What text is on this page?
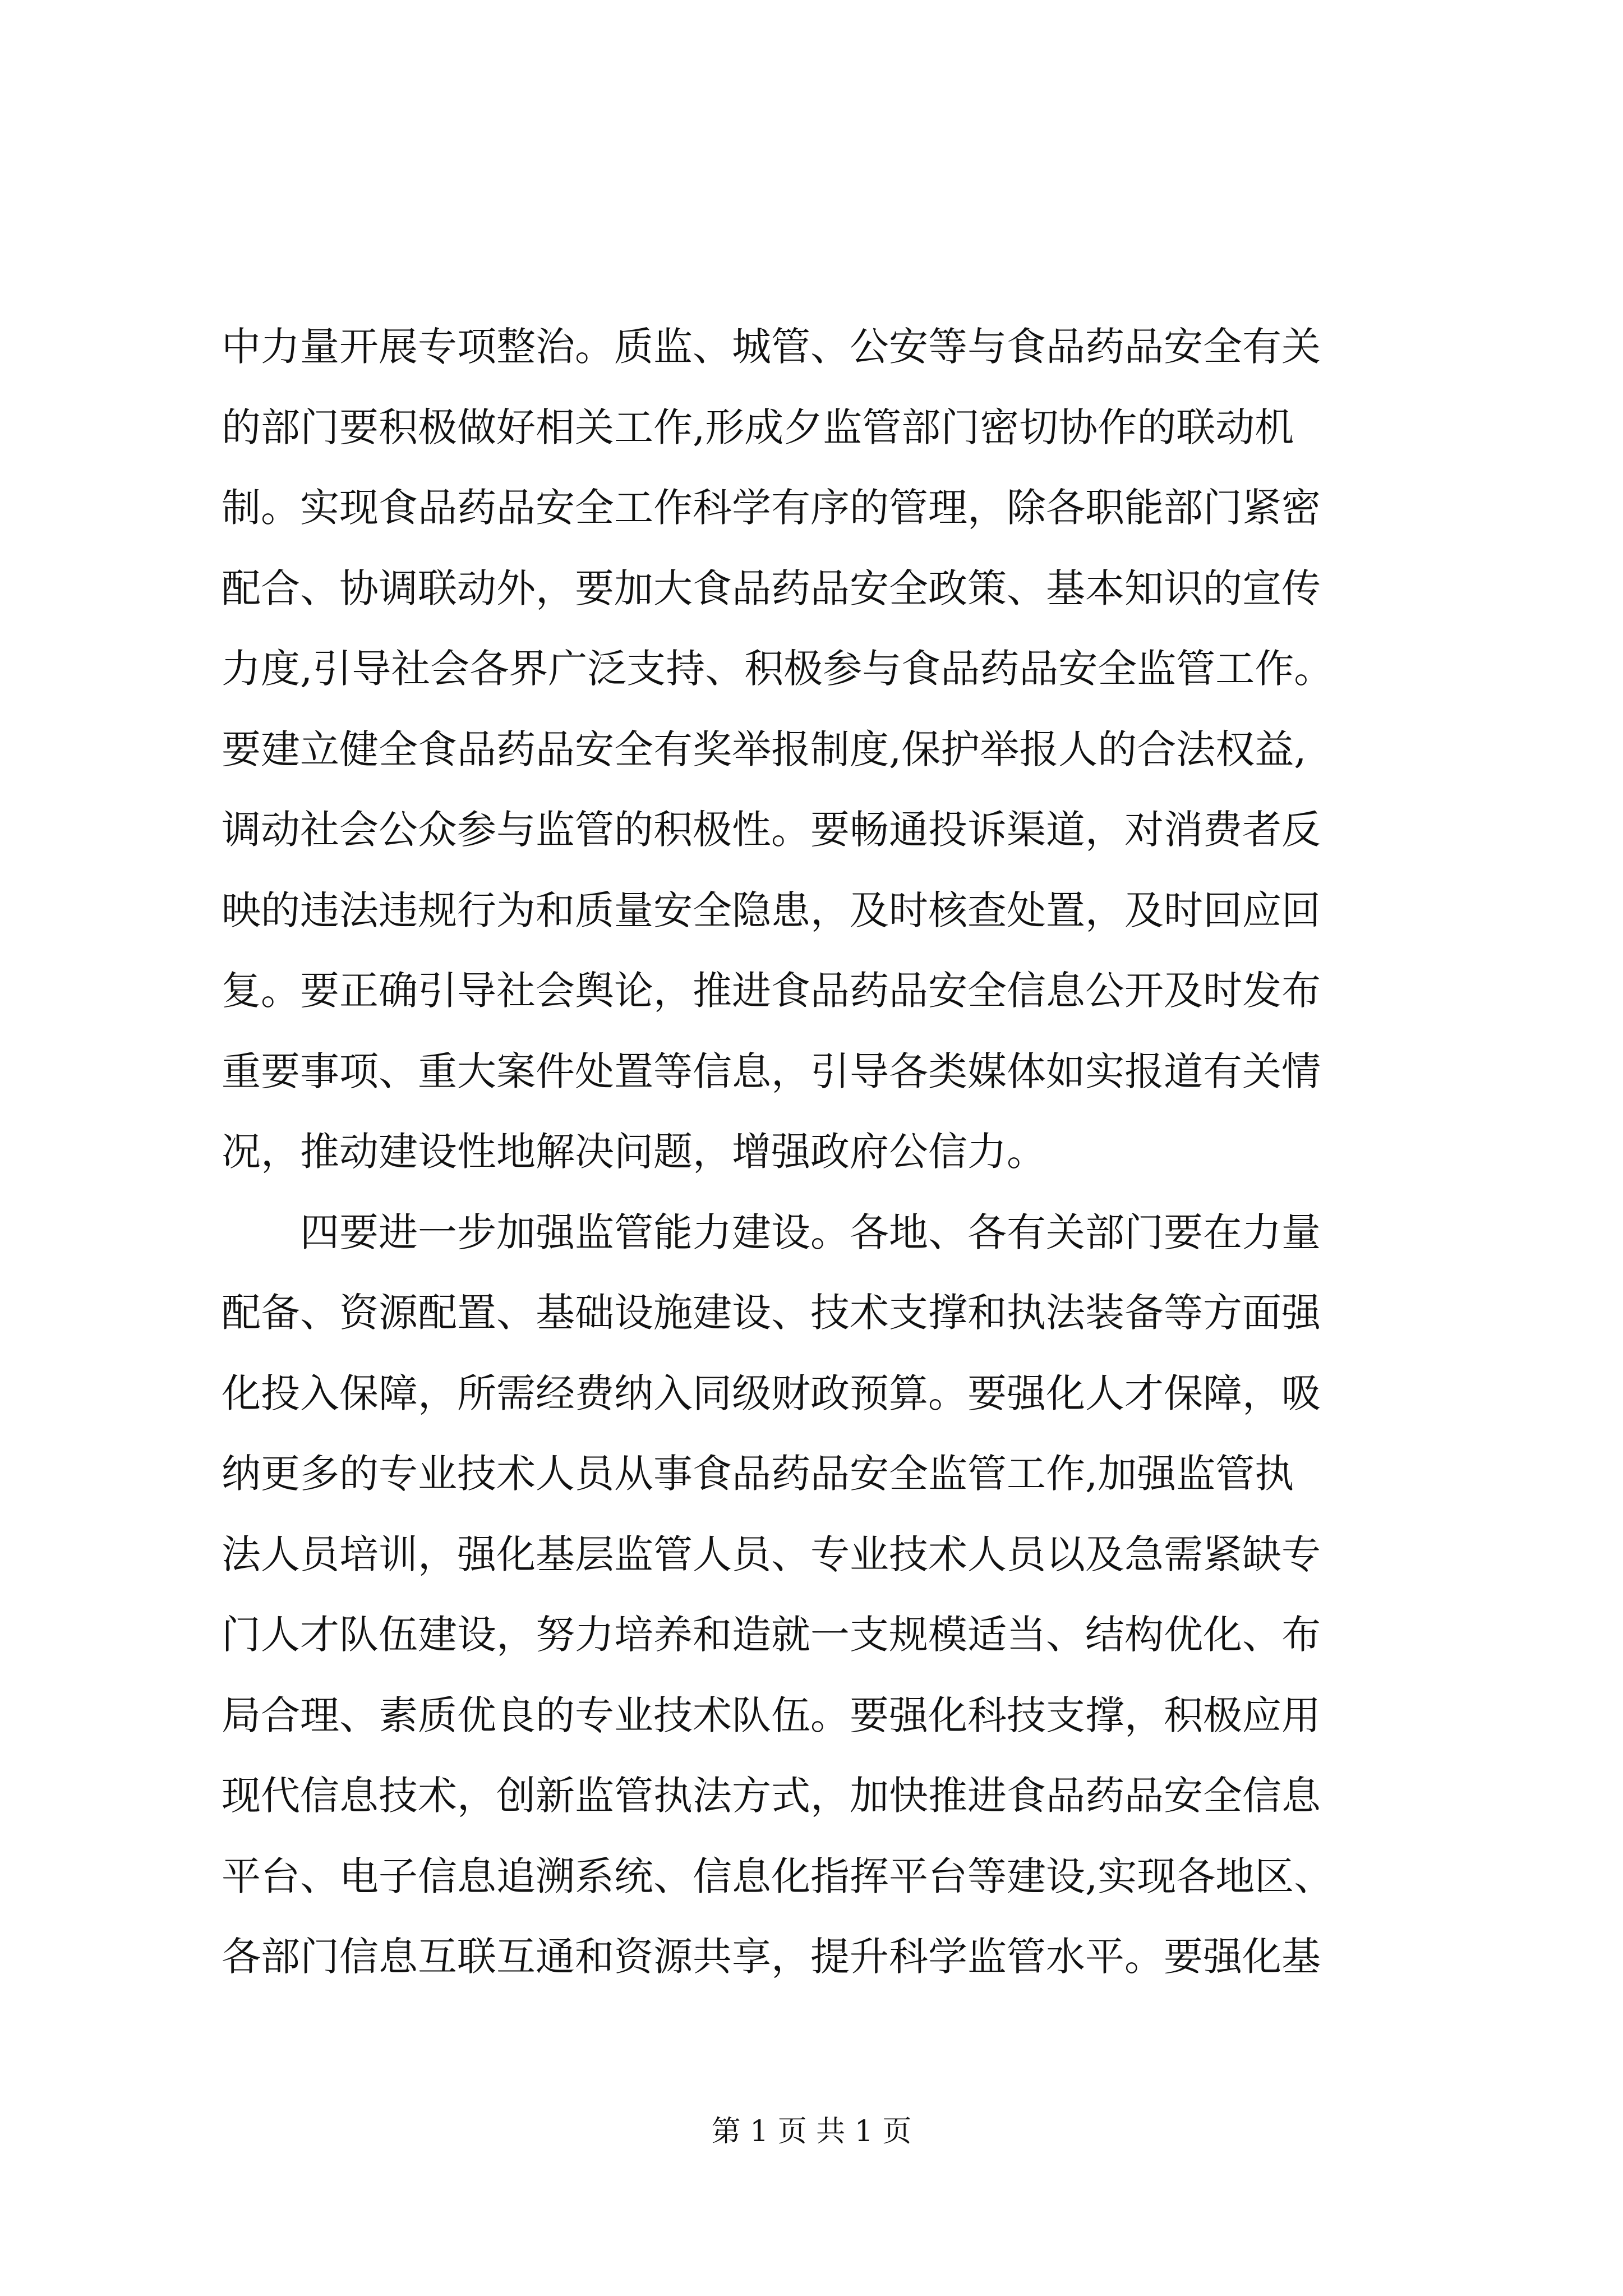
中力量开展专项整治。质监、城管、公安等与食品药品安全有关
的部门要积极做好相关工作,形成夕监管部门密切协作的联动机
制。实现食品药品安全工作科学有序的管理，除各职能部门紧密
配合、协调联动外，要加大食品药品安全政策、基本知识的宣传
力度,引导社会各界广泛支持、积极参与食品药品安全监管工作。
要建立健全食品药品安全有奖举报制度,保护举报人的合法权益,
调动社会公众参与监管的积极性。要畅通投诉渠道，对消费者反
映的违法违规行为和质量安全隐患，及时核查处置，及时回应回
复。要正确引导社会舆论，推进食品药品安全信息公开及时发布
重要事项、重大案件处置等信息，引导各类媒体如实报道有关情
况，推动建设性地解决问题，增强政府公信力。
　　四要进一步加强监管能力建设。各地、各有关部门要在力量
配备、资源配置、基础设施建设、技术支撑和执法装备等方面强
化投入保障，所需经费纳入同级财政预算。要强化人才保障，吸
纳更多的专业技术人员从事食品药品安全监管工作,加强监管执
法人员培训，强化基层监管人员、专业技术人员以及急需紧缺专
门人才队伍建设，努力培养和造就一支规模适当、结构优化、布
局合理、素质优良的专业技术队伍。要强化科技支撑，积极应用
现代信息技术，创新监管执法方式，加快推进食品药品安全信息
平台、电子信息追溯系统、信息化指挥平台等建设,实现各地区、
各部门信息互联互通和资源共享，提升科学监管水平。要强化基
第 1 页 共 1 页
